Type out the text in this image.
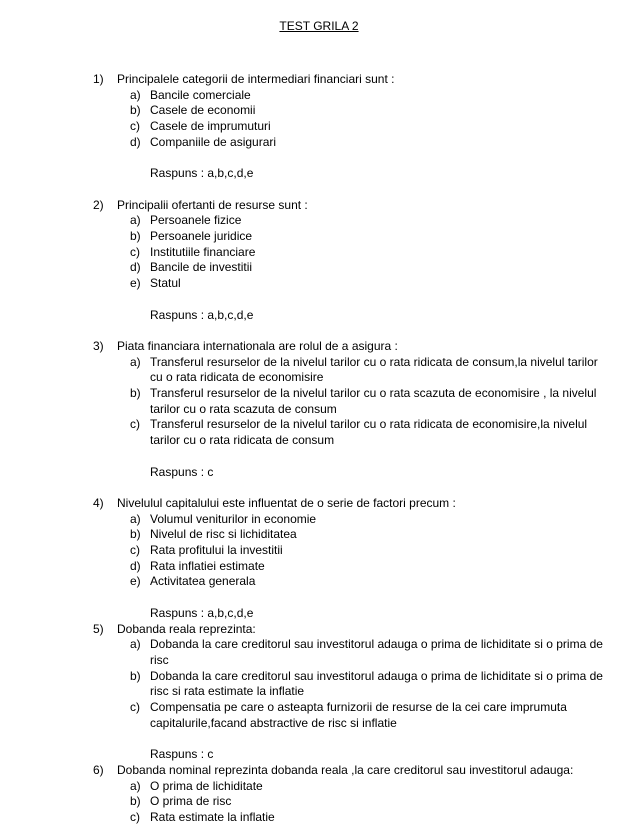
TEST GRILA 2
1)	Principalele categorii de intermediari financiari sunt :
a) Bancile comerciale
b) Casele de economii
c) Casele de imprumuturi
d) Companiile de asigurari
Raspuns : a,b,c,d,e
2)	Principalii ofertanti de resurse sunt :
a) Persoanele fizice
b) Persoanele juridice
c) Institutiile financiare
d) Bancile de investitii
e) Statul
Raspuns : a,b,c,d,e
3)	Piata financiara internationala are rolul de a asigura :
a) Transferul resurselor de la nivelul tarilor cu o rata ridicata de consum,la nivelul tarilor cu o rata ridicata de economisire
b) Transferul resurselor de la nivelul tarilor cu o rata scazuta de economisire , la nivelul tarilor cu o rata scazuta de consum
c) Transferul resurselor de la nivelul tarilor cu o rata ridicata de economisire,la nivelul tarilor cu o rata ridicata de consum
Raspuns : c
4)	Nivelulul capitalului este influentat de o serie de factori precum :
a) Volumul veniturilor in economie
b) Nivelul de risc si lichiditatea
c) Rata profitului la investitii
d) Rata inflatiei estimate
e) Activitatea generala
Raspuns : a,b,c,d,e
5)	Dobanda reala reprezinta:
a) Dobanda la care creditorul sau investitorul adauga o prima de lichiditate si o prima de risc
b) Dobanda la care creditorul sau investitorul adauga o prima de lichiditate si o prima de risc si rata estimate la inflatie
c) Compensatia pe care o asteapta furnizorii de resurse de la cei care imprumuta capitalurile,facand abstractive de risc si inflatie
Raspuns : c
6)	Dobanda nominal reprezinta dobanda reala ,la care creditorul sau investitorul adauga:
a) O prima de lichiditate
b) O prima de risc
c) Rata estimate la inflatie
